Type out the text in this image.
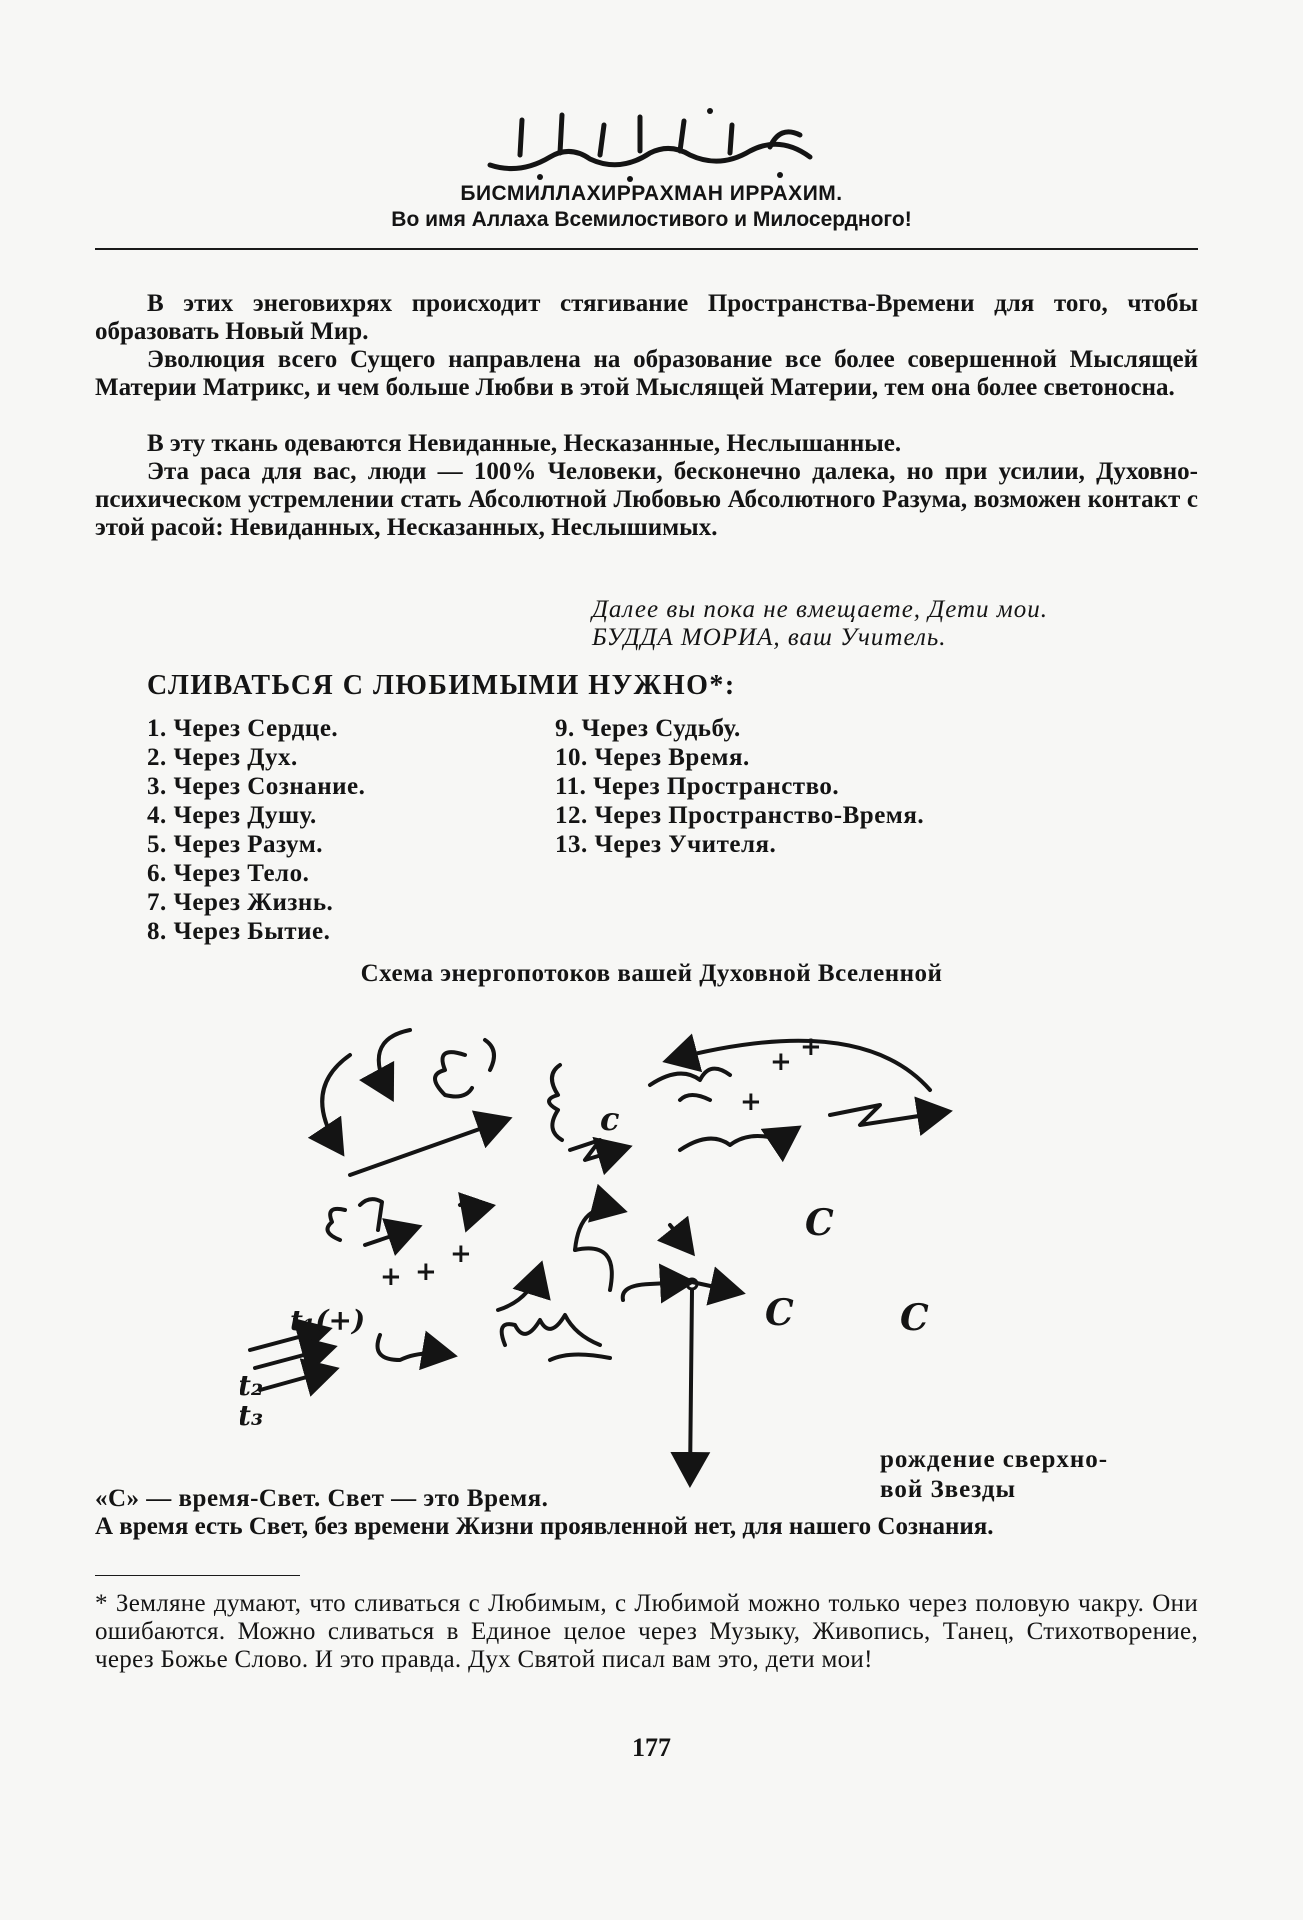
БИСМИЛЛАХИРРАХМАН ИРРАХИМ.
Во имя Аллаха Всемилостивого и Милосердного!
В этих энеговихрях происходит стягивание Пространства-Времени для того, чтобы образовать Новый Мир.
Эволюция всего Сущего направлена на образование все более совершенной Мыслящей Материи Матрикс, и чем больше Любви в этой Мыслящей Материи, тем она более светоносна.
В эту ткань одеваются Невиданные, Несказанные, Неслышанные.
Эта раса для вас, люди — 100% Человеки, бесконечно далека, но при усилии, Духовно-психическом устремлении стать Абсолютной Любовью Абсолютного Разума, возможен контакт с этой расой: Невиданных, Несказанных, Неслышимых.
Далее вы пока не вмещаете, Дети мои.
БУДДА МОРИА, ваш Учитель.
СЛИВАТЬСЯ С ЛЮБИМЫМИ НУЖНО*:
1. Через Сердце.
2. Через Дух.
3. Через Сознание.
4. Через Душу.
5. Через Разум.
6. Через Тело.
7. Через Жизнь.
8. Через Бытие.
9. Через Судьбу.
10. Через Время.
11. Через Пространство.
12. Через Пространство-Время.
13. Через Учителя.
Схема энергопотоков вашей Духовной Вселенной
t₁(+)
t₂
t₃
c
C
C	C
+ +
+
+ +
+
рождение сверхно-
вой Звезды
«С» — время-Свет. Свет — это Время.
А время есть Свет, без времени Жизни проявленной нет, для нашего Сознания.
* Земляне думают, что сливаться с Любимым, с Любимой можно только через половую чакру. Они ошибаются. Можно сливаться в Единое целое через Музыку, Живопись, Танец, Стихотворение, через Божье Слово. И это правда. Дух Святой писал вам это, дети мои!
177
